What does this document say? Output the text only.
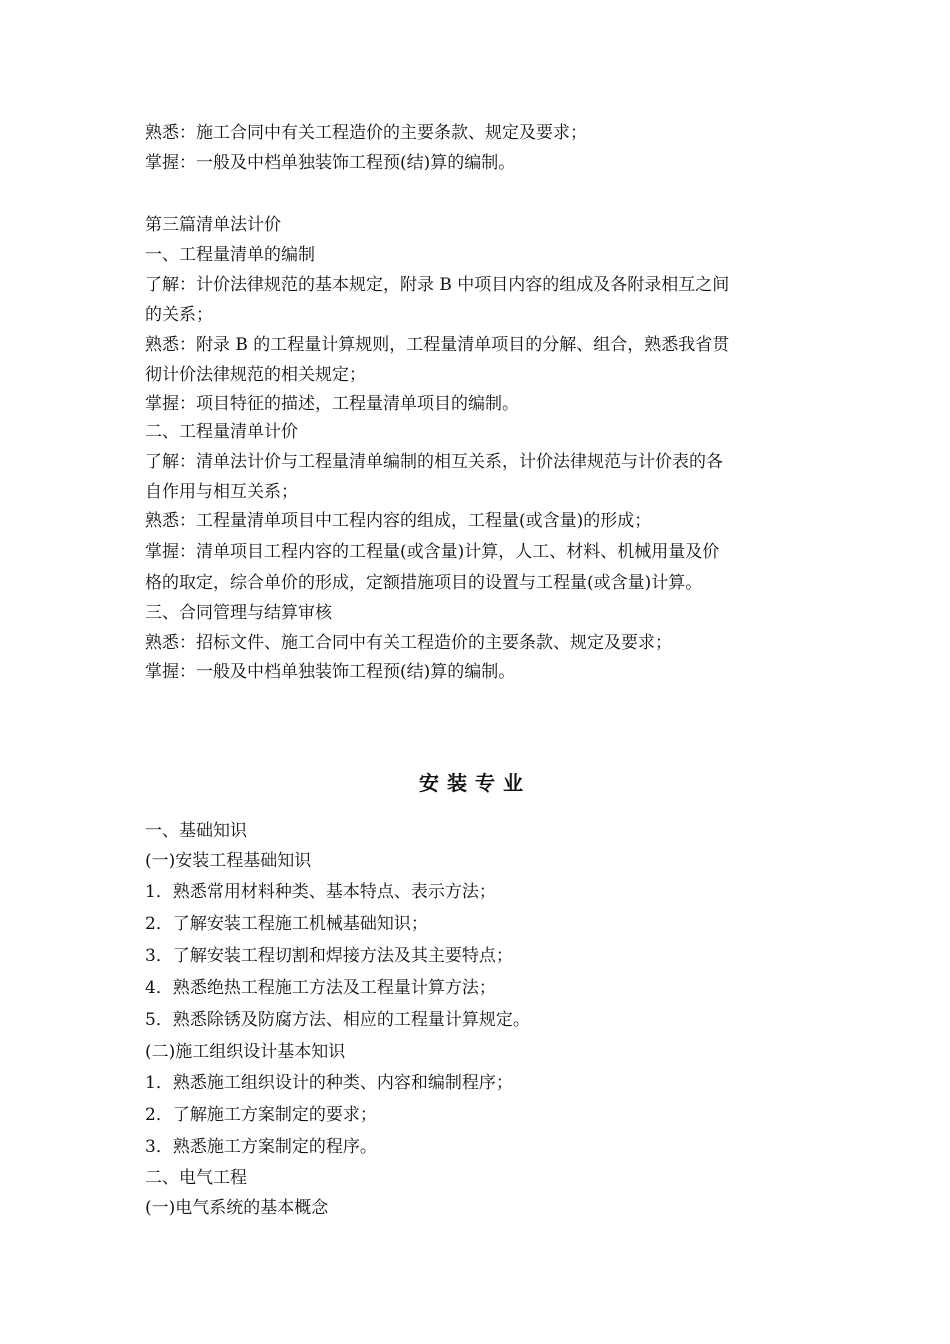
熟悉：施工合同中有关工程造价的主要条款、规定及要求；
掌握：一般及中档单独装饰工程预(结)算的编制。
第三篇清单法计价
一、工程量清单的编制
了解：计价法律规范的基本规定，附录 B 中项目内容的组成及各附录相互之间
的关系；
熟悉：附录 B 的工程量计算规则，工程量清单项目的分解、组合，熟悉我省贯
彻计价法律规范的相关规定；
掌握：项目特征的描述，工程量清单项目的编制。
二、工程量清单计价
了解：清单法计价与工程量清单编制的相互关系，计价法律规范与计价表的各
自作用与相互关系；
熟悉：工程量清单项目中工程内容的组成，工程量(或含量)的形成；
掌握：清单项目工程内容的工程量(或含量)计算，人工、材料、机械用量及价
格的取定，综合单价的形成，定额措施项目的设置与工程量(或含量)计算。
三、合同管理与结算审核
熟悉：招标文件、施工合同中有关工程造价的主要条款、规定及要求；
掌握：一般及中档单独装饰工程预(结)算的编制。
安装专业
一、基础知识
(一)安装工程基础知识
1．熟悉常用材料种类、基本特点、表示方法；
2．了解安装工程施工机械基础知识；
3．了解安装工程切割和焊接方法及其主要特点；
4．熟悉绝热工程施工方法及工程量计算方法；
5．熟悉除锈及防腐方法、相应的工程量计算规定。
(二)施工组织设计基本知识
1．熟悉施工组织设计的种类、内容和编制程序；
2．了解施工方案制定的要求；
3．熟悉施工方案制定的程序。
二、电气工程
(一)电气系统的基本概念
